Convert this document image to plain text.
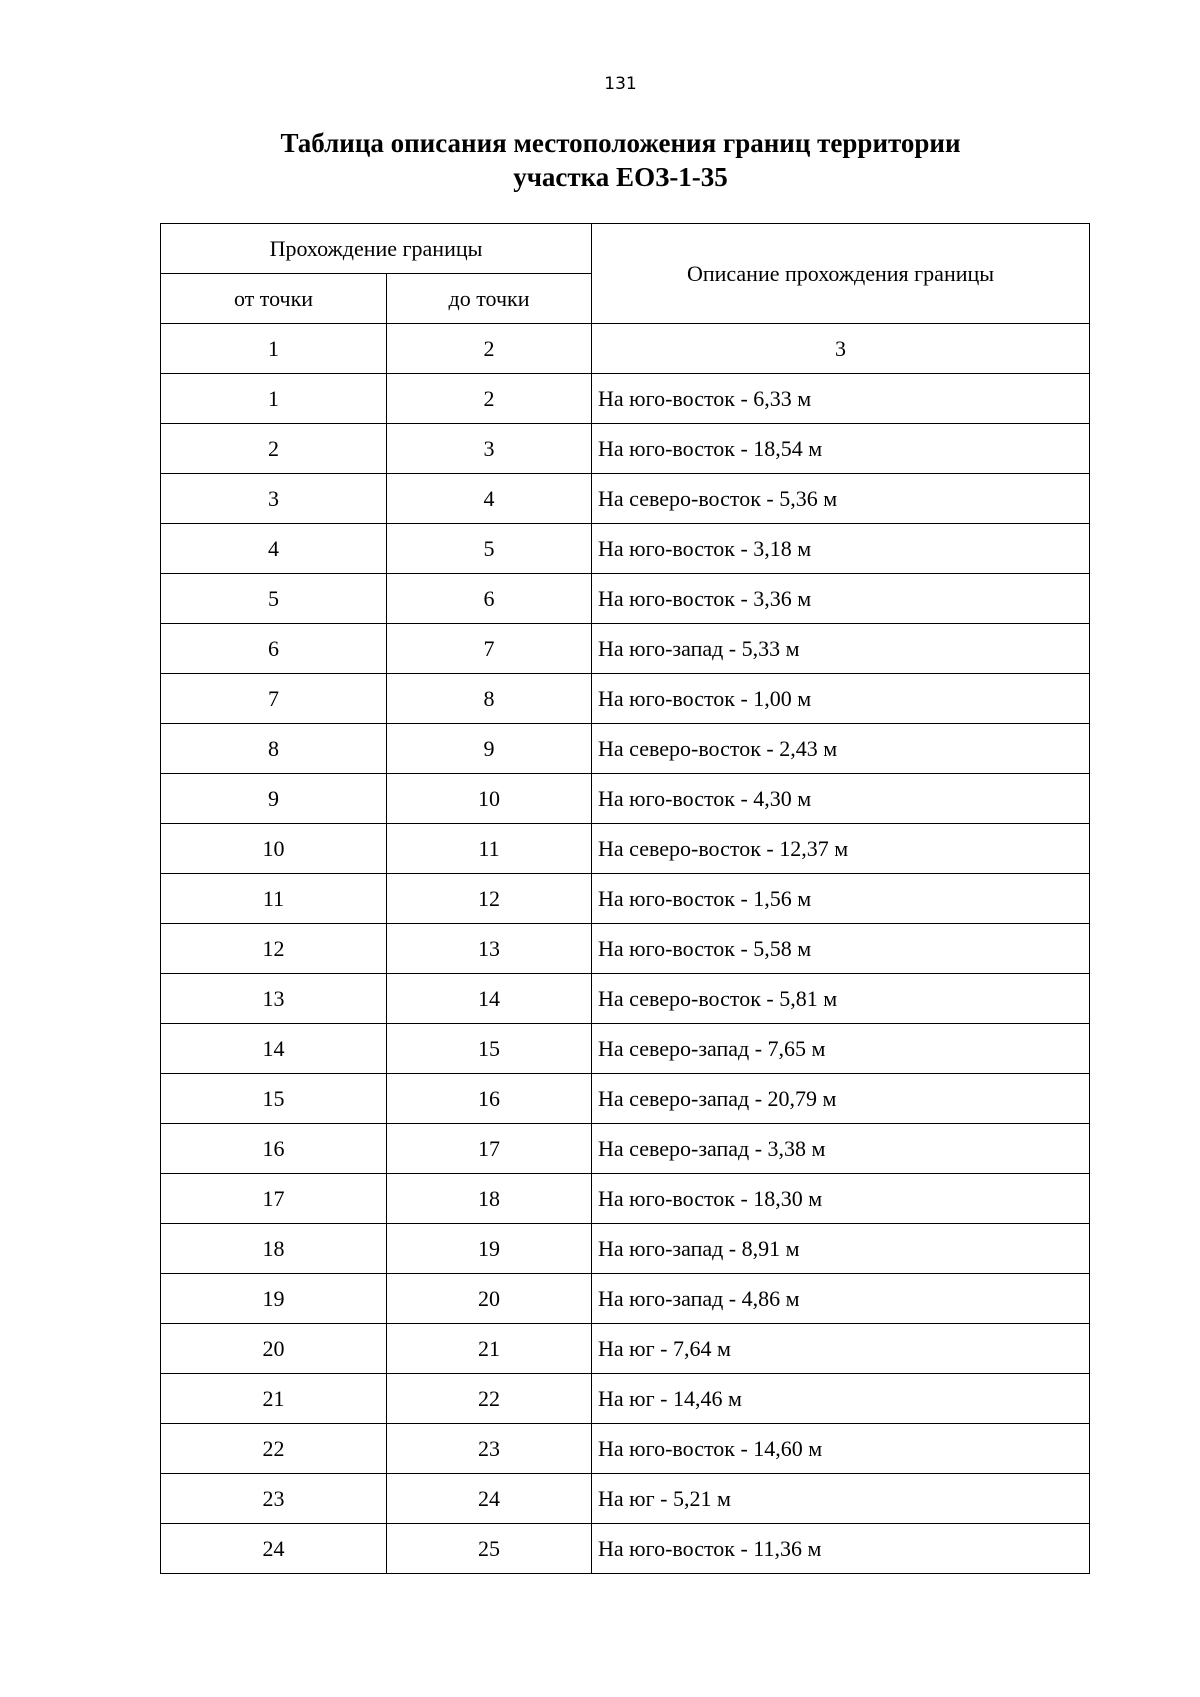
131
Таблица описания местоположения границ территории
участка ЕОЗ-1-35
Прохождение границы		Описание прохождения границы
от точки	до точки	
1	2	3
1	2	На юго-восток - 6,33 м
2	3	На юго-восток - 18,54 м
3	4	На северо-восток - 5,36 м
4	5	На юго-восток - 3,18 м
5	6	На юго-восток - 3,36 м
6	7	На юго-запад - 5,33 м
7	8	На юго-восток - 1,00 м
8	9	На северо-восток - 2,43 м
9	10	На юго-восток - 4,30 м
10	11	На северо-восток - 12,37 м
11	12	На юго-восток - 1,56 м
12	13	На юго-восток - 5,58 м
13	14	На северо-восток - 5,81 м
14	15	На северо-запад - 7,65 м
15	16	На северо-запад - 20,79 м
16	17	На северо-запад - 3,38 м
17	18	На юго-восток - 18,30 м
18	19	На юго-запад - 8,91 м
19	20	На юго-запад - 4,86 м
20	21	На юг - 7,64 м
21	22	На юг - 14,46 м
22	23	На юго-восток - 14,60 м
23	24	На юг - 5,21 м
24	25	На юго-восток - 11,36 м
